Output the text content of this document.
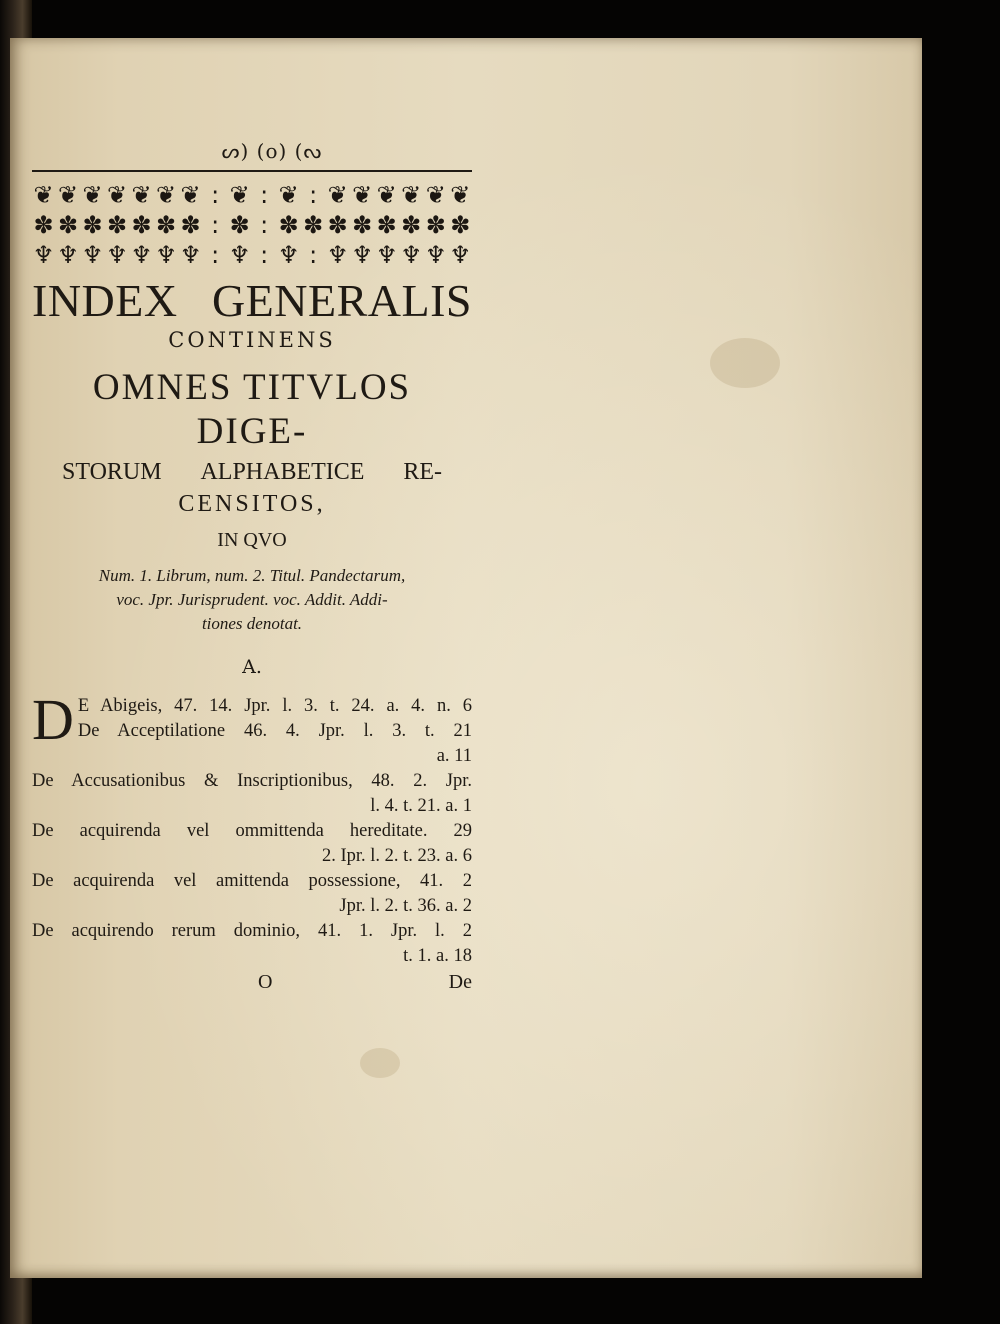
ᔕ) (o) (ᔓ
❦ ❦ ❦ ❦ ❦ ❦ ❦ : ❦ : ❦ : ❦ ❦ ❦ ❦ ❦ ❦
✽ ✽ ✽ ✽ ✽ ✽ ✽ : ✽ : ✽ ✽ ✽ ✽ ✽ ✽ ✽ ✽
♆ ♆ ♆ ♆ ♆ ♆ ♆ : ♆ : ♆ : ♆ ♆ ♆ ♆ ♆ ♆
INDEX GENERALIS
CONTINENS
OMNES TITVLOS DIGE-
STORUM ALPHABETICE RE-
CENSITOS,
IN QVO
Num. 1. Librum, num. 2. Titul. Pandectarum,
voc. Jpr. Jurisprudent. voc. Addit. Addi-
tiones denotat.
A.
D E Abigeis, 47. 14. Jpr. l. 3. t. 24. a. 4. n. 6
De Acceptilatione 46. 4. Jpr. l. 3. t. 21
a. 11
De Accusationibus & Inscriptionibus, 48. 2. Jpr.
l. 4. t. 21. a. 1
De acquirenda vel ommittenda hereditate. 29
2. Ipr. l. 2. t. 23. a. 6
De acquirenda vel amittenda possessione, 41. 2
Jpr. l. 2. t. 36. a. 2
De acquirendo rerum dominio, 41. 1. Jpr. l. 2
t. 1. a. 18
O	De
